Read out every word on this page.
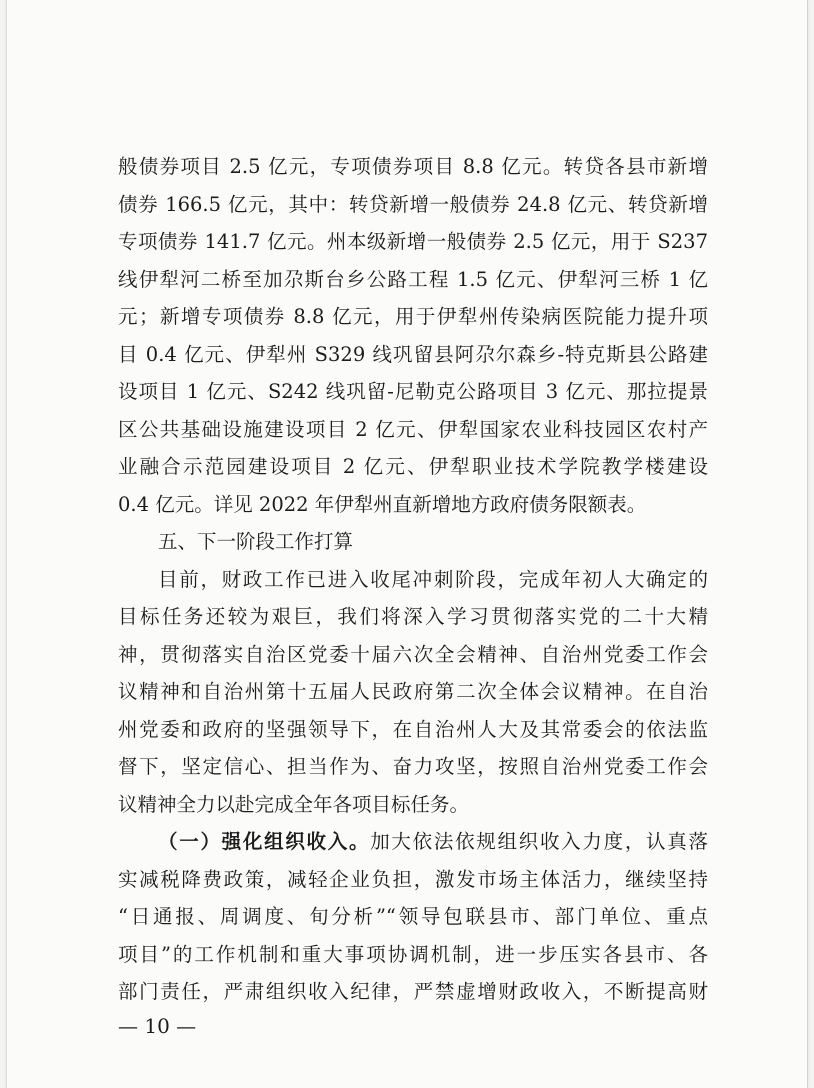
般债券项目 2.5 亿元，专项债券项目 8.8 亿元。转贷各县市新增
债券 166.5 亿元，其中：转贷新增一般债券 24.8 亿元、转贷新增
专项债券 141.7 亿元。州本级新增一般债券 2.5 亿元，用于 S237
线伊犁河二桥至加尕斯台乡公路工程 1.5 亿元、伊犁河三桥 1 亿
元；新增专项债券 8.8 亿元，用于伊犁州传染病医院能力提升项
目 0.4 亿元、伊犁州 S329 线巩留县阿尕尔森乡-特克斯县公路建
设项目 1 亿元、S242 线巩留-尼勒克公路项目 3 亿元、那拉提景
区公共基础设施建设项目 2 亿元、伊犁国家农业科技园区农村产
业融合示范园建设项目 2 亿元、伊犁职业技术学院教学楼建设
0.4 亿元。详见 2022 年伊犁州直新增地方政府债务限额表。
五、下一阶段工作打算
目前，财政工作已进入收尾冲刺阶段，完成年初人大确定的
目标任务还较为艰巨，我们将深入学习贯彻落实党的二十大精
神，贯彻落实自治区党委十届六次全会精神、自治州党委工作会
议精神和自治州第十五届人民政府第二次全体会议精神。在自治
州党委和政府的坚强领导下，在自治州人大及其常委会的依法监
督下，坚定信心、担当作为、奋力攻坚，按照自治州党委工作会
议精神全力以赴完成全年各项目标任务。
（一）强化组织收入。加大依法依规组织收入力度，认真落
实减税降费政策，减轻企业负担，激发市场主体活力，继续坚持
“日通报、周调度、旬分析”“领导包联县市、部门单位、重点
项目”的工作机制和重大事项协调机制，进一步压实各县市、各
部门责任，严肃组织收入纪律，严禁虚增财政收入，不断提高财
— 10 —
